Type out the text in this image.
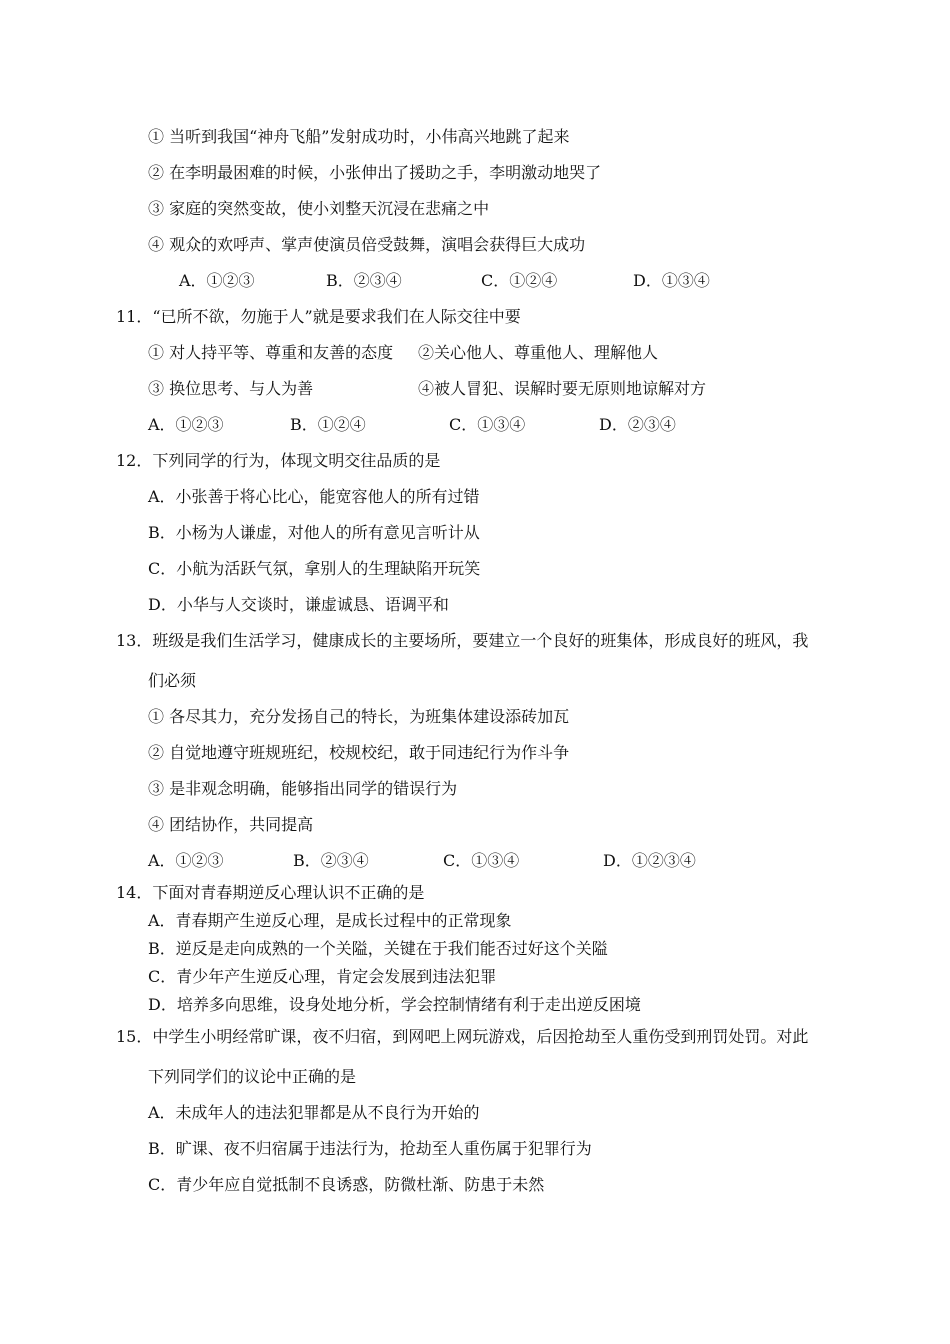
① 当听到我国“神舟飞船”发射成功时，小伟高兴地跳了起来
② 在李明最困难的时候，小张伸出了援助之手，李明激动地哭了
③ 家庭的突然变故，使小刘整天沉浸在悲痛之中
④ 观众的欢呼声、掌声使演员倍受鼓舞，演唱会获得巨大成功
A．①②③	B．②③④	C．①②④	D．①③④
11．“已所不欲，勿施于人”就是要求我们在人际交往中要
① 对人持平等、尊重和友善的态度 ②关心他人、尊重他人、理解他人
③ 换位思考、与人为善	④被人冒犯、误解时要无原则地谅解对方
A．①②③	B．①②④	C．①③④	D．②③④
12．下列同学的行为，体现文明交往品质的是
A．小张善于将心比心，能宽容他人的所有过错
B．小杨为人谦虚，对他人的所有意见言听计从
C．小航为活跃气氛，拿别人的生理缺陷开玩笑
D．小华与人交谈时，谦虚诚恳、语调平和
13．班级是我们生活学习，健康成长的主要场所，要建立一个良好的班集体，形成良好的班风，我
们必须
① 各尽其力，充分发扬自己的特长，为班集体建设添砖加瓦
② 自觉地遵守班规班纪，校规校纪，敢于同违纪行为作斗争
③ 是非观念明确，能够指出同学的错误行为
④ 团结协作，共同提高
A．①②③	B．②③④	C．①③④	D．①②③④
14．下面对青春期逆反心理认识不正确的是
A．青春期产生逆反心理，是成长过程中的正常现象
B．逆反是走向成熟的一个关隘，关键在于我们能否过好这个关隘
C．青少年产生逆反心理，肯定会发展到违法犯罪
D．培养多向思维，设身处地分析，学会控制情绪有利于走出逆反困境
15．中学生小明经常旷课，夜不归宿，到网吧上网玩游戏，后因抢劫至人重伤受到刑罚处罚。对此
下列同学们的议论中正确的是
A．未成年人的违法犯罪都是从不良行为开始的
B．旷课、夜不归宿属于违法行为，抢劫至人重伤属于犯罪行为
C．青少年应自觉抵制不良诱惑，防微杜渐、防患于未然
